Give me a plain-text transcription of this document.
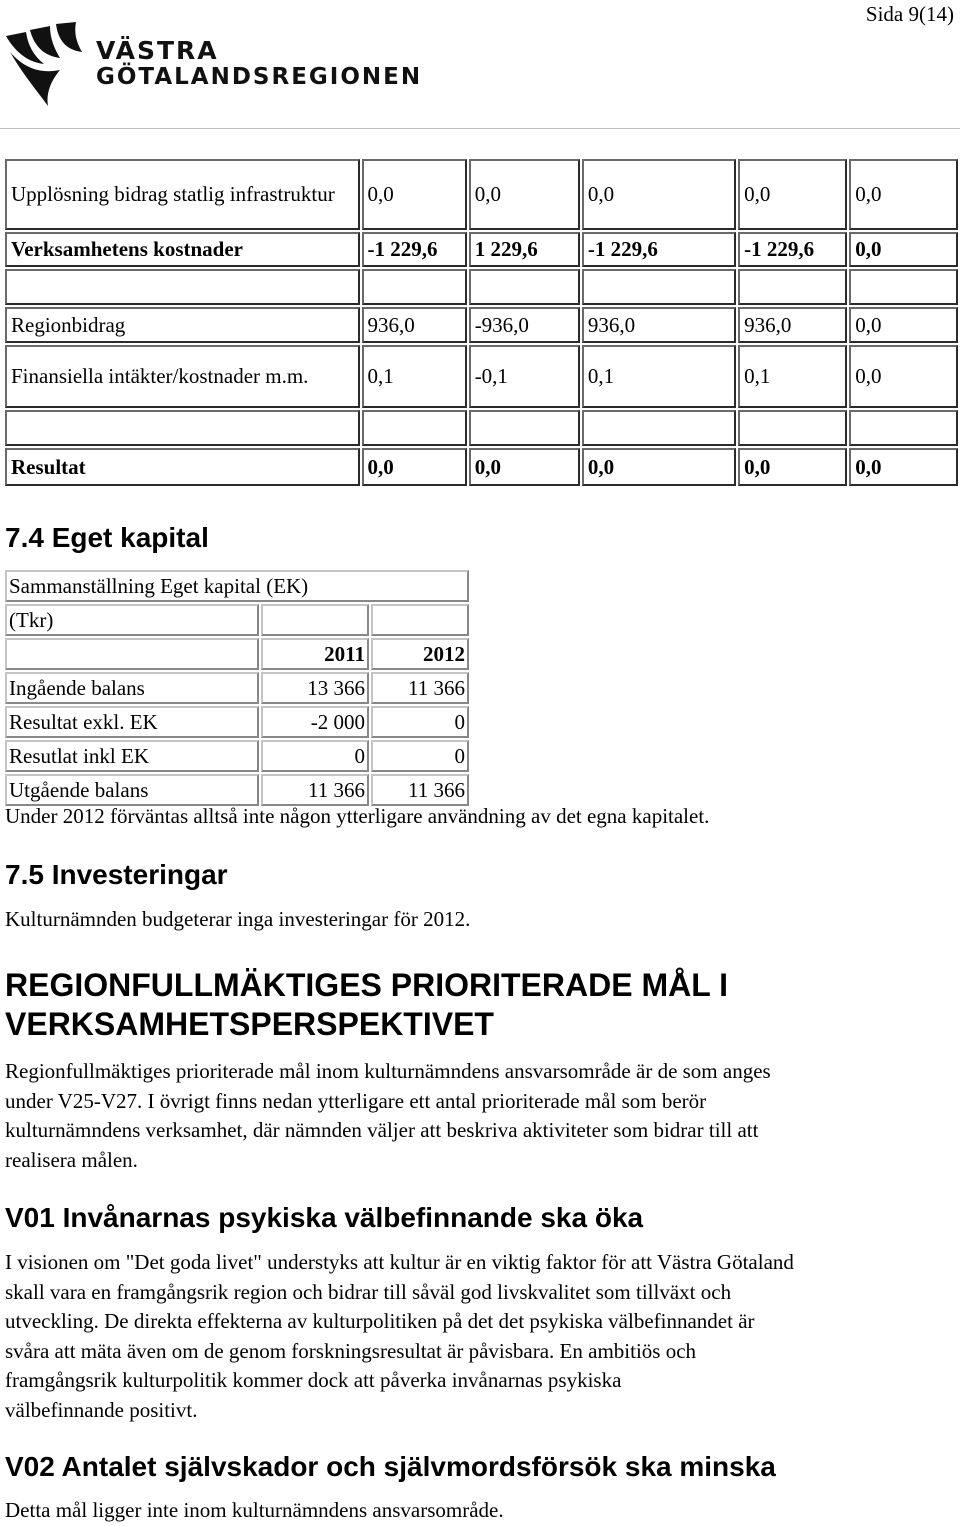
Sida 9(14)
VÄSTRA
GÖTALANDSREGIONEN
Upplösning bidrag statlig infrastruktur	0,0	0,0	0,0	0,0	0,0
Verksamhetens kostnader	-1 229,6	1 229,6	-1 229,6	-1 229,6	0,0

Regionbidrag	936,0	-936,0	936,0	936,0	0,0
Finansiella intäkter/kostnader m.m.	0,1	-0,1	0,1	0,1	0,0

Resultat	0,0	0,0	0,0	0,0	0,0
7.4 Eget kapital
Sammanställning Eget kapital (EK)		
(Tkr)		
	2011	2012
Ingående balans	13 366	11 366
Resultat exkl. EK	-2 000	0
Resutlat inkl EK	0	0
Utgående balans	11 366	11 366

Under 2012 förväntas alltså inte någon ytterligare användning av det egna kapitalet.

7.5 Investeringar

Kulturnämnden budgeterar inga investeringar för 2012.

REGIONFULLMÄKTIGES PRIORITERADE MÅL I
VERKSAMHETSPERSPEKTIVET

Regionfullmäktiges prioriterade mål inom kulturnämndens ansvarsområde är de som anges

under V25-V27. I övrigt finns nedan ytterligare ett antal prioriterade mål som berör

kulturnämndens verksamhet, där nämnden väljer att beskriva aktiviteter som bidrar till att

realisera målen.

V01 Invånarnas psykiska välbefinnande ska öka

I visionen om "Det goda livet" understyks att kultur är en viktig faktor för att Västra Götaland

skall vara en framgångsrik region och bidrar till såväl god livskvalitet som tillväxt och

utveckling. De direkta effekterna av kulturpolitiken på det det psykiska välbefinnandet är

svåra att mäta även om de genom forskningsresultat är påvisbara. En ambitiös och

framgångsrik kulturpolitik kommer dock att påverka invånarnas psykiska

välbefinnande positivt.

V02 Antalet självskador och självmordsförsök ska minska

Detta mål ligger inte inom kulturnämndens ansvarsområde.
